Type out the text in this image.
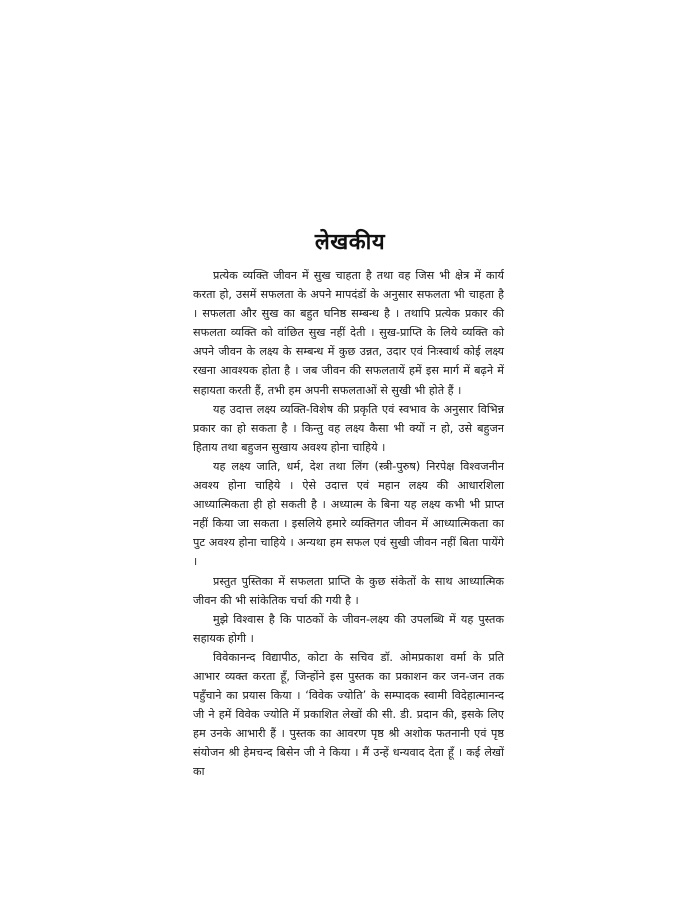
लेखकीय

प्रत्येक व्यक्ति जीवन में सुख चाहता है तथा वह जिस भी क्षेत्र में कार्य करता हो, उसमें सफलता के अपने मापदंडों के अनुसार सफलता भी चाहता है । सफलता और सुख का बहुत घनिष्ठ सम्बन्ध है । तथापि प्रत्येक प्रकार की सफलता व्यक्ति को वांछित सुख नहीं देती । सुख-प्राप्ति के लिये व्यक्ति को अपने जीवन के लक्ष्य के सम्बन्ध में कुछ उन्नत, उदार एवं निःस्वार्थ कोई लक्ष्य रखना आवश्यक होता है । जब जीवन की सफलतायें हमें इस मार्ग में बढ़ने में सहायता करती हैं, तभी हम अपनी सफलताओं से सुखी भी होते हैं ।

यह उदात्त लक्ष्य व्यक्ति-विशेष की प्रकृति एवं स्वभाव के अनुसार विभिन्न प्रकार का हो सकता है । किन्तु वह लक्ष्य कैसा भी क्यों न हो, उसे बहुजन हिताय तथा बहुजन सुखाय अवश्य होना चाहिये ।

यह लक्ष्य जाति, धर्म, देश तथा लिंग (स्त्री-पुरुष) निरपेक्ष विश्वजनीन अवश्य होना चाहिये । ऐसे उदात्त एवं महान लक्ष्य की आधारशिला आध्यात्मिकता ही हो सकती है । अध्यात्म के बिना यह लक्ष्य कभी भी प्राप्त नहीं किया जा सकता । इसलिये हमारे व्यक्तिगत जीवन में आध्यात्मिकता का पुट अवश्य होना चाहिये । अन्यथा हम सफल एवं सुखी जीवन नहीं बिता पायेंगे ।

प्रस्तुत पुस्तिका में सफलता प्राप्ति के कुछ संकेतों के साथ आध्यात्मिक जीवन की भी सांकेतिक चर्चा की गयी है ।

मुझे विश्वास है कि पाठकों के जीवन-लक्ष्य की उपलब्धि में यह पुस्तक सहायक होगी ।

विवेकानन्द विद्यापीठ, कोटा के सचिव डॉ. ओमप्रकाश वर्मा के प्रति आभार व्यक्त करता हूँ, जिन्होंने इस पुस्तक का प्रकाशन कर जन-जन तक पहुँचाने का प्रयास किया । ‘विवेक ज्योति’ के सम्पादक स्वामी विदेहात्मानन्द जी ने हमें विवेक ज्योति में प्रकाशित लेखों की सी. डी. प्रदान की, इसके लिए हम उनके आभारी हैं । पुस्तक का आवरण पृष्ठ श्री अशोक फतनानी एवं पृष्ठ संयोजन श्री हेमचन्द बिसेन जी ने किया । मैं उन्हें धन्यवाद देता हूँ । कई लेखों का
